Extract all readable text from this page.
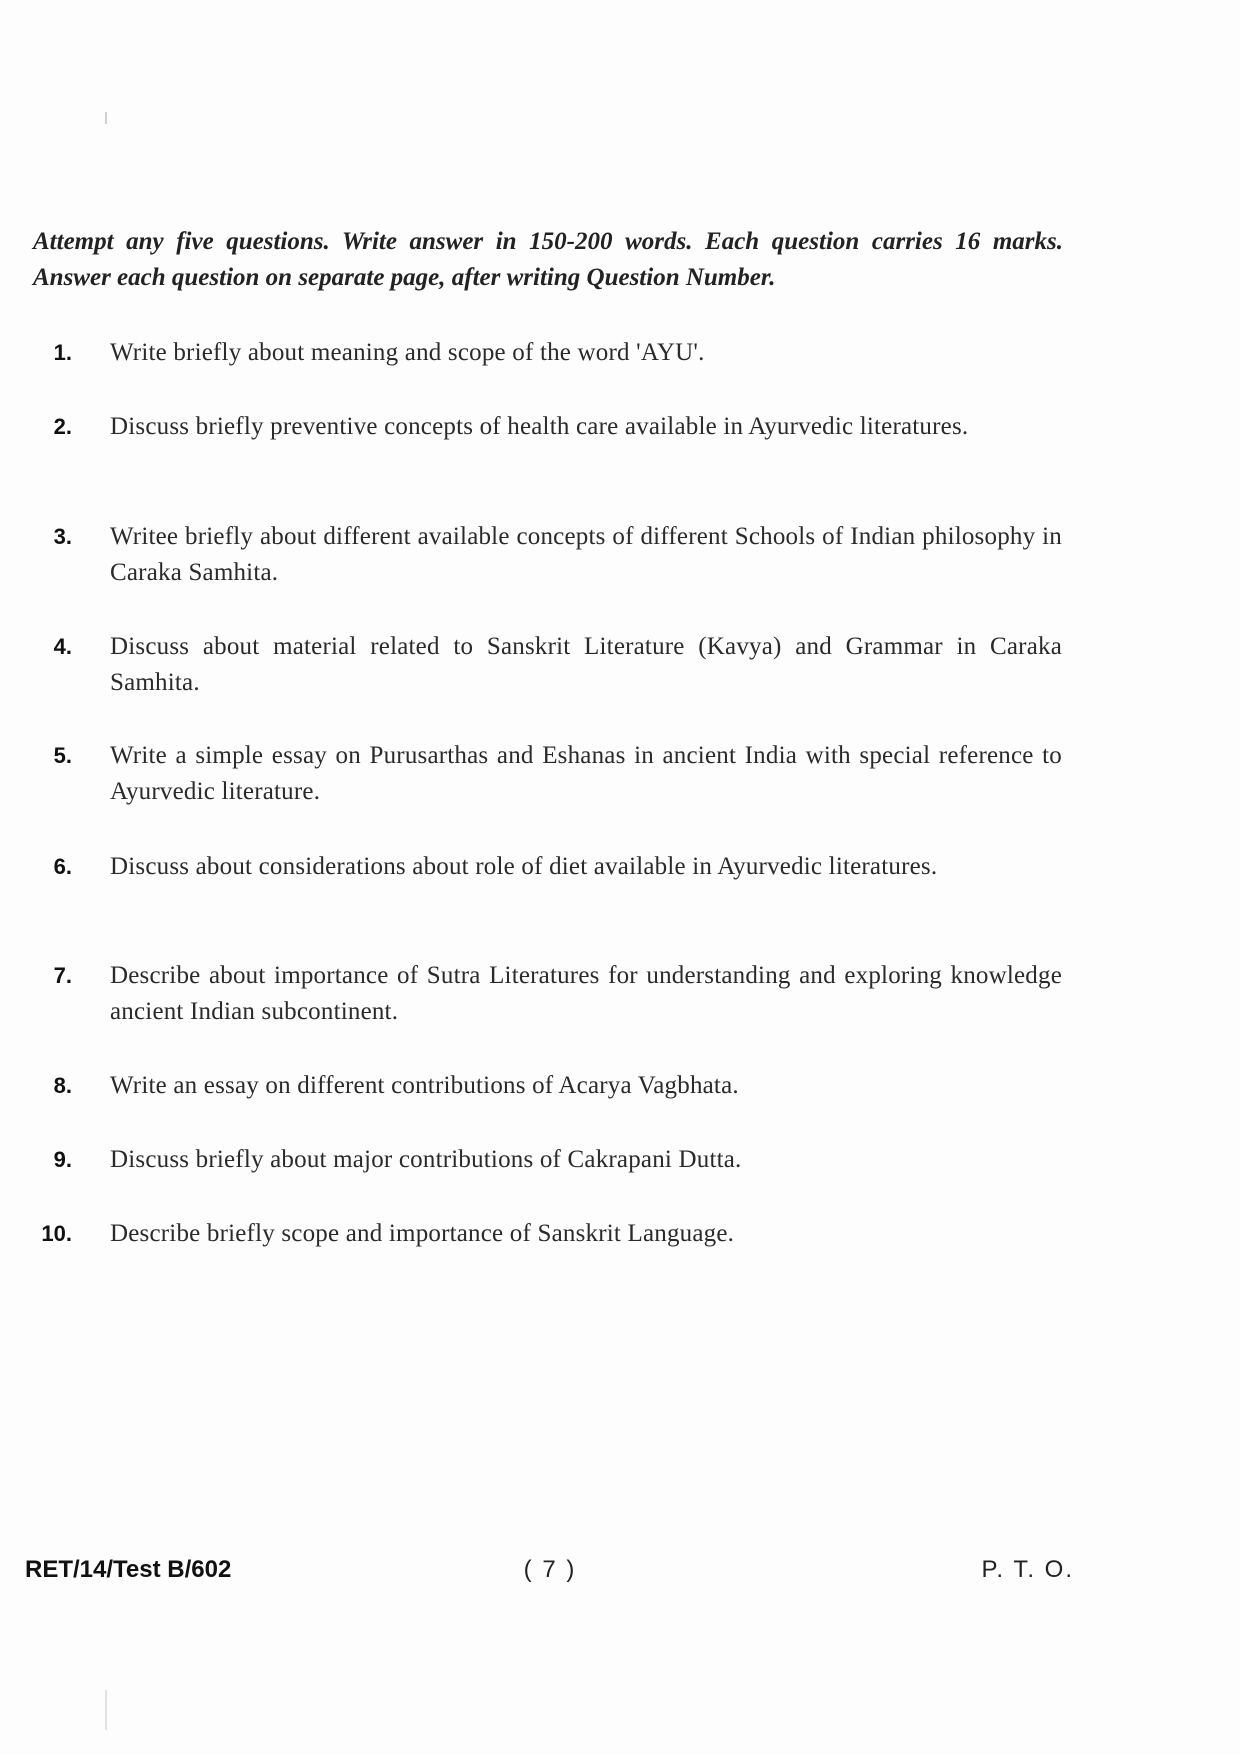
Attempt any five questions. Write answer in 150-200 words. Each question carries 16 marks. Answer each question on separate page, after writing Question Number.
1. Write briefly about meaning and scope of the word 'AYU'.
2. Discuss briefly preventive concepts of health care available in Ayurvedic literatures.
3. Writee briefly about different available concepts of different Schools of Indian philosophy in Caraka Samhita.
4. Discuss about material related to Sanskrit Literature (Kavya) and Grammar in Caraka Samhita.
5. Write a simple essay on Purusarthas and Eshanas in ancient India with special reference to Ayurvedic literature.
6. Discuss about considerations about role of diet available in Ayurvedic literatures.
7. Describe about importance of Sutra Literatures for understanding and exploring knowledge ancient Indian subcontinent.
8. Write an essay on different contributions of Acarya Vagbhata.
9. Discuss briefly about major contributions of Cakrapani Dutta.
10. Describe briefly scope and importance of Sanskrit Language.
RET/14/Test B/602	( 7 )	P. T. O.
